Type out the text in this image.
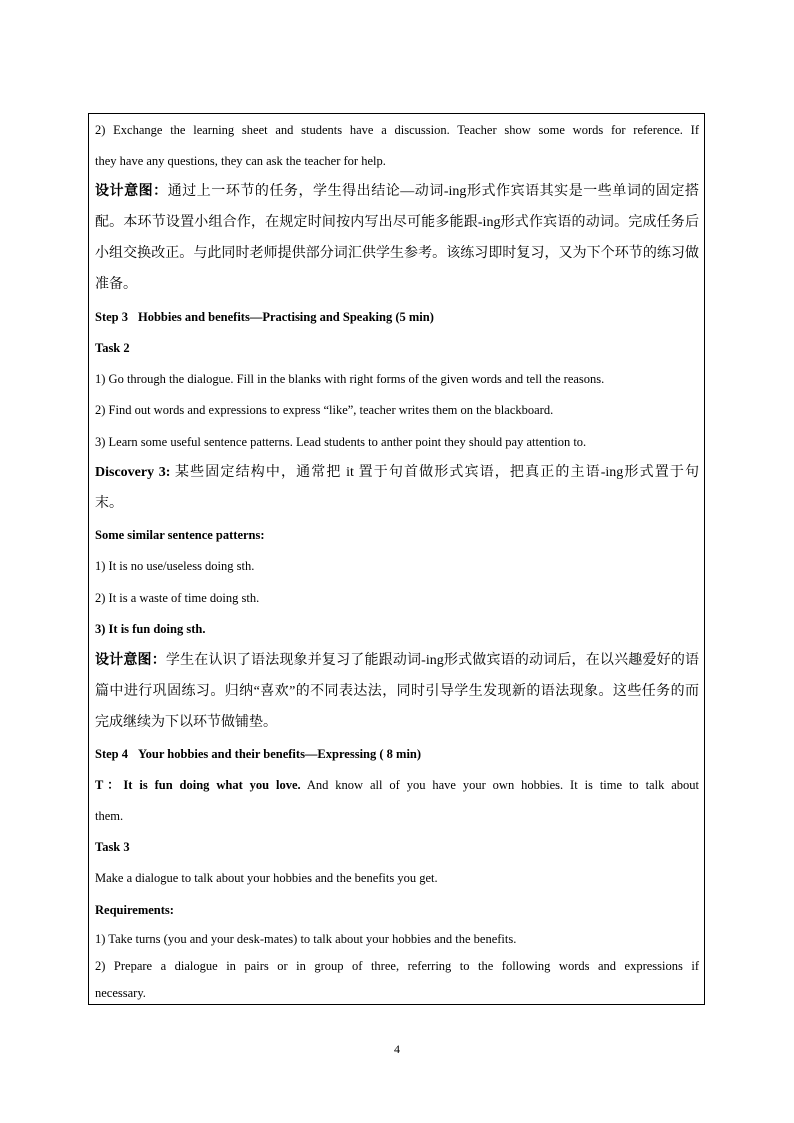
2) Exchange the learning sheet and students have a discussion. Teacher show some words for reference. If
they have any questions, they can ask the teacher for help.
设计意图：通过上一环节的任务，学生得出结论—动词-ing形式作宾语其实是一些单词的固定搭
配。本环节设置小组合作，在规定时间按内写出尽可能多能跟-ing形式作宾语的动词。完成任务后
小组交换改正。与此同时老师提供部分词汇供学生参考。该练习即时复习，又为下个环节的练习做
准备。
Step 3 Hobbies and benefits—Practising and Speaking (5 min)
Task 2
1) Go through the dialogue. Fill in the blanks with right forms of the given words and tell the reasons.
2) Find out words and expressions to express “like”, teacher writes them on the blackboard.
3) Learn some useful sentence patterns. Lead students to anther point they should pay attention to.
Discovery 3: 某些固定结构中，通常把 it 置于句首做形式宾语，把真正的主语-ing形式置于句
末。
Some similar sentence patterns:
1) It is no use/useless doing sth.
2) It is a waste of time doing sth.
3) It is fun doing sth.
设计意图：学生在认识了语法现象并复习了能跟动词-ing形式做宾语的动词后，在以兴趣爱好的语
篇中进行巩固练习。归纳“喜欢”的不同表达法，同时引导学生发现新的语法现象。这些任务的而
完成继续为下以环节做铺垫。
Step 4 Your hobbies and their benefits—Expressing ( 8 min)
T：It is fun doing what you love. And know all of you have your own hobbies. It is time to talk about
them.
Task 3
Make a dialogue to talk about your hobbies and the benefits you get.
Requirements:
1) Take turns (you and your desk-mates) to talk about your hobbies and the benefits.
2) Prepare a dialogue in pairs or in group of three, referring to the following words and expressions if
necessary.
4
